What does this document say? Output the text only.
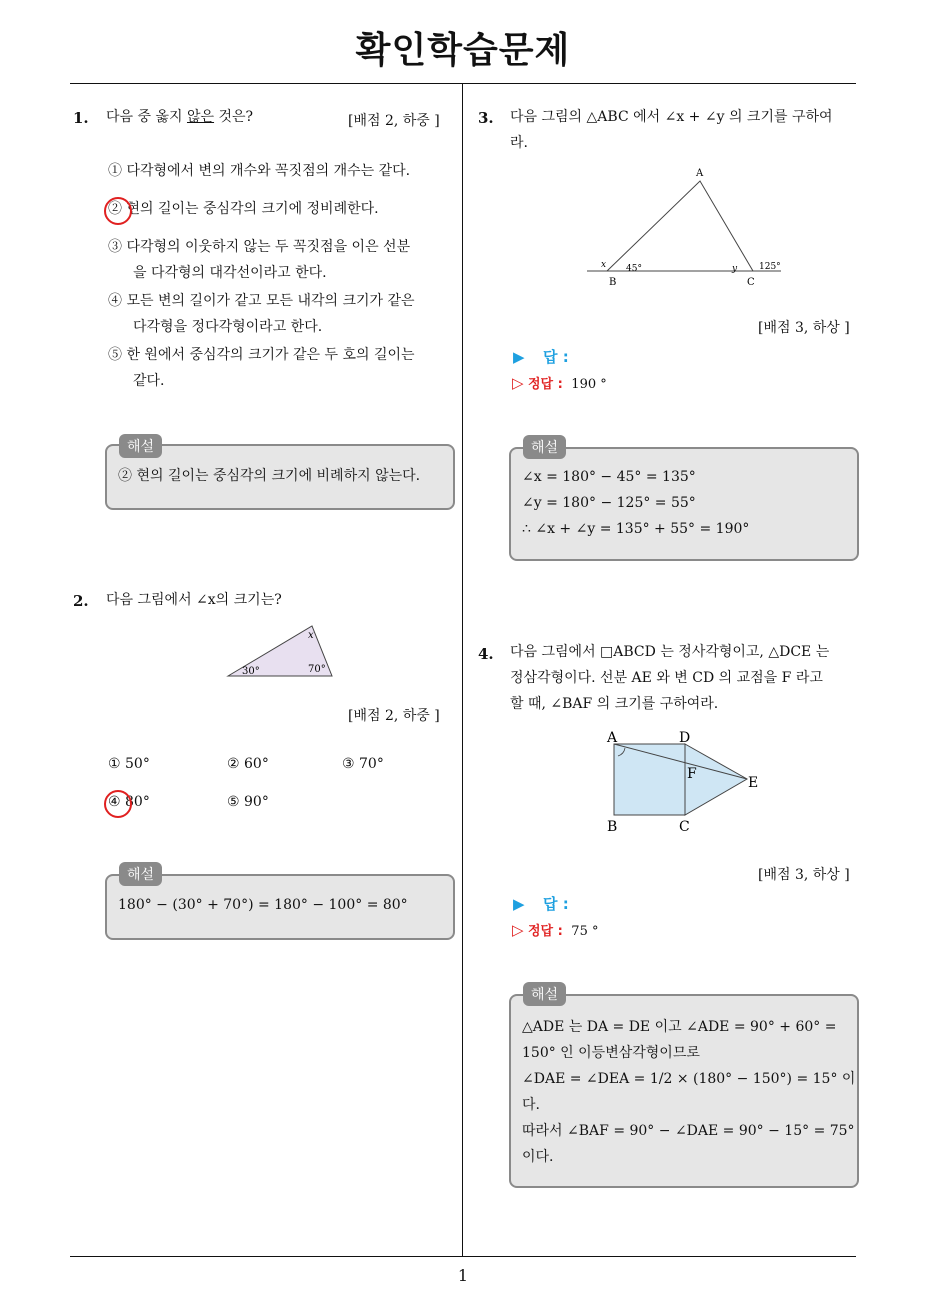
확인학습문제
1. 다음 중 옳지 않은 것은?	[배점 2, 하중 ]
① 다각형에서 변의 개수와 꼭짓점의 개수는 같다.
② 현의 길이는 중심각의 크기에 정비례한다.
③ 다각형의 이웃하지 않는 두 꼭짓점을 이은 선분
을 다각형의 대각선이라고 한다.
④ 모든 변의 길이가 같고 모든 내각의 크기가 같은
다각형을 정다각형이라고 한다.
⑤ 한 원에서 중심각의 크기가 같은 두 호의 길이는
같다.
해설
② 현의 길이는 중심각의 크기에 비례하지 않는다.
2. 다음 그림에서 ∠x의 크기는?
30°	70°
x
[배점 2, 하중 ]
① 50°	② 60°	③ 70°
④ 80°	⑤ 90°
해설
180° − (30° + 70°) = 180° − 100° = 80°
3. 다음 그림의 △ABC 에서 ∠x + ∠y 의 크기를 구하여
라.
A
B	C
x 45°	y 125°
[배점 3, 하상 ]
▶ 답 :
▷ 정답 : 190 °
해설
∠x = 180° − 45° = 135°
∠y = 180° − 125° = 55°
∴ ∠x + ∠y = 135° + 55° = 190°
4. 다음 그림에서 □ABCD 는 정사각형이고, △DCE 는
정삼각형이다. 선분 AE 와 변 CD 의 교점을 F 라고
할 때, ∠BAF 의 크기를 구하여라.
A	D
B	C
E
F
[배점 3, 하상 ]
▶ 답 :
▷ 정답 : 75 °
해설
△ADE 는 DA = DE 이고 ∠ADE = 90° + 60° =
150° 인 이등변삼각형이므로
∠DAE = ∠DEA = 1/2 × (180° − 150°) = 15° 이
다.
따라서 ∠BAF = 90° − ∠DAE = 90° − 15° = 75°
이다.
1
